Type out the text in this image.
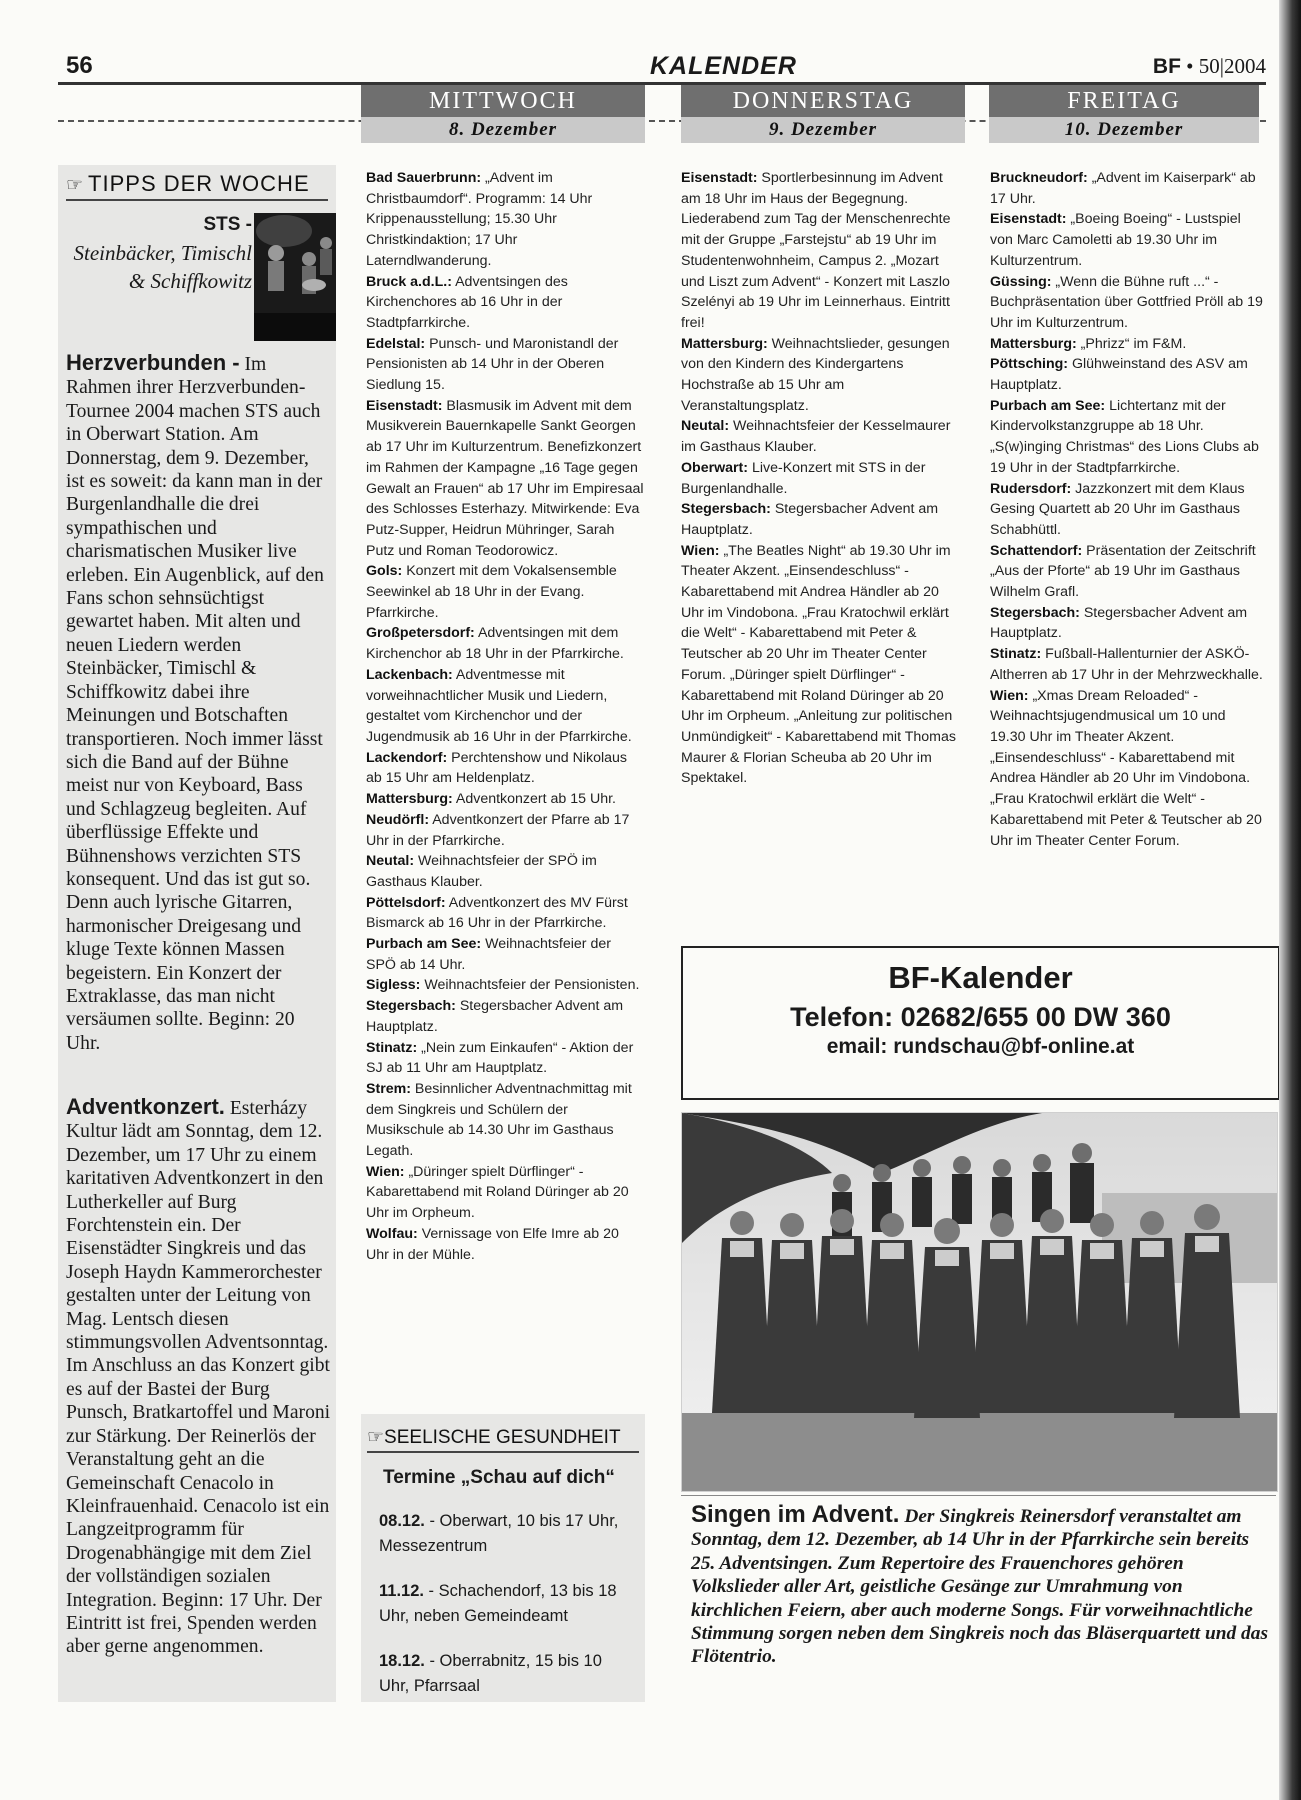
56	KALENDER	BF • 50|2004
MITTWOCH
8. Dezember
DONNERSTAG
9. Dezember
FREITAG
10. Dezember
☞ TIPPS DER WOCHE
STS -
Steinbäcker, Timischl & Schiffkowitz
Herzverbunden - Im Rahmen ihrer Herzverbunden-Tournee 2004 machen STS auch in Oberwart Station. Am Donnerstag, dem 9. Dezember, ist es soweit: da kann man in der Burgenlandhalle die drei sympathischen und charismatischen Musiker live erleben. Ein Augenblick, auf den Fans schon sehnsüchtigst gewartet haben. Mit alten und neuen Liedern werden Steinbäcker, Timischl & Schiffkowitz dabei ihre Meinungen und Botschaften transportieren. Noch immer lässt sich die Band auf der Bühne meist nur von Keyboard, Bass und Schlagzeug begleiten. Auf überflüssige Effekte und Bühnenshows verzichten STS konsequent. Und das ist gut so. Denn auch lyrische Gitarren, harmonischer Dreigesang und kluge Texte können Massen begeistern. Ein Konzert der Extraklasse, das man nicht versäumen sollte. Beginn: 20 Uhr.
Adventkonzert. Esterházy Kultur lädt am Sonntag, dem 12. Dezember, um 17 Uhr zu einem karitativen Adventkonzert in den Lutherkeller auf Burg Forchtenstein ein. Der Eisenstädter Singkreis und das Joseph Haydn Kammerorchester gestalten unter der Leitung von Mag. Lentsch diesen stimmungsvollen Adventsonntag. Im Anschluss an das Konzert gibt es auf der Bastei der Burg Punsch, Bratkartoffel und Maroni zur Stärkung. Der Reinerlös der Veranstaltung geht an die Gemeinschaft Cenacolo in Kleinfrauenhaid. Cenacolo ist ein Langzeitprogramm für Drogenabhängige mit dem Ziel der vollständigen sozialen Integration. Beginn: 17 Uhr. Der Eintritt ist frei, Spenden werden aber gerne angenommen.

Bad Sauerbrunn: „Advent im Christbaumdorf“. Programm: 14 Uhr Krippenausstellung; 15.30 Uhr Christkindaktion; 17 Uhr Laterndlwanderung.

Bruck a.d.L.: Adventsingen des Kirchenchores ab 16 Uhr in der Stadtpfarrkirche.

Edelstal: Punsch- und Maronistandl der Pensionisten ab 14 Uhr in der Oberen Siedlung 15.

Eisenstadt: Blasmusik im Advent mit dem Musikverein Bauernkapelle Sankt Georgen ab 17 Uhr im Kulturzentrum. Benefizkonzert im Rahmen der Kampagne „16 Tage gegen Gewalt an Frauen“ ab 17 Uhr im Empiresaal des Schlosses Esterhazy. Mitwirkende: Eva Putz-Supper, Heidrun Mühringer, Sarah Putz und Roman Teodorowicz.

Gols: Konzert mit dem Vokalsensemble Seewinkel ab 18 Uhr in der Evang. Pfarrkirche.

Großpetersdorf: Adventsingen mit dem Kirchenchor ab 18 Uhr in der Pfarrkirche.

Lackenbach: Adventmesse mit vorweihnachtlicher Musik und Liedern, gestaltet vom Kirchenchor und der Jugendmusik ab 16 Uhr in der Pfarrkirche.

Lackendorf: Perchtenshow und Nikolaus ab 15 Uhr am Heldenplatz.

Mattersburg: Adventkonzert ab 15 Uhr.

Neudörfl: Adventkonzert der Pfarre ab 17 Uhr in der Pfarrkirche.

Neutal: Weihnachtsfeier der SPÖ im Gasthaus Klauber.

Pöttelsdorf: Adventkonzert des MV Fürst Bismarck ab 16 Uhr in der Pfarrkirche.

Purbach am See: Weihnachtsfeier der SPÖ ab 14 Uhr.

Sigless: Weihnachtsfeier der Pensionisten.

Stegersbach: Stegersbacher Advent am Hauptplatz.

Stinatz: „Nein zum Einkaufen“ - Aktion der SJ ab 11 Uhr am Hauptplatz.

Strem: Besinnlicher Adventnachmittag mit dem Singkreis und Schülern der Musikschule ab 14.30 Uhr im Gasthaus Legath.

Wien: „Düringer spielt Dürflinger“ - Kabarettabend mit Roland Düringer ab 20 Uhr im Orpheum.

Wolfau: Vernissage von Elfe Imre ab 20 Uhr in der Mühle.

☞SEELISCHE GESUNDHEIT
Termine „Schau auf dich“
08.12. - Oberwart, 10 bis 17 Uhr, Messezentrum
11.12. - Schachendorf, 13 bis 18 Uhr, neben Gemeindeamt
18.12. - Oberrabnitz, 15 bis 10 Uhr, Pfarrsaal

Eisenstadt: Sportlerbesinnung im Advent am 18 Uhr im Haus der Begegnung. Liederabend zum Tag der Menschenrechte mit der Gruppe „Farstejstu“ ab 19 Uhr im Studentenwohnheim, Campus 2. „Mozart und Liszt zum Advent“ - Konzert mit Laszlo Szelényi ab 19 Uhr im Leinnerhaus. Eintritt frei!

Mattersburg: Weihnachtslieder, gesungen von den Kindern des Kindergartens Hochstraße ab 15 Uhr am Veranstaltungsplatz.

Neutal: Weihnachtsfeier der Kesselmaurer im Gasthaus Klauber.

Oberwart: Live-Konzert mit STS in der Burgenlandhalle.

Stegersbach: Stegersbacher Advent am Hauptplatz.

Wien: „The Beatles Night“ ab 19.30 Uhr im Theater Akzent. „Einsendeschluss“ - Kabarettabend mit Andrea Händler ab 20 Uhr im Vindobona. „Frau Kratochwil erklärt die Welt“ - Kabarettabend mit Peter & Teutscher ab 20 Uhr im Theater Center Forum. „Düringer spielt Dürflinger“ - Kabarettabend mit Roland Düringer ab 20 Uhr im Orpheum. „Anleitung zur politischen Unmündigkeit“ - Kabarettabend mit Thomas Maurer & Florian Scheuba ab 20 Uhr im Spektakel.

Bruckneudorf: „Advent im Kaiserpark“ ab 17 Uhr.

Eisenstadt: „Boeing Boeing“ - Lustspiel von Marc Camoletti ab 19.30 Uhr im Kulturzentrum.

Güssing: „Wenn die Bühne ruft ...“ - Buchpräsentation über Gottfried Pröll ab 19 Uhr im Kulturzentrum.

Mattersburg: „Phrizz“ im F&M.

Pöttsching: Glühweinstand des ASV am Hauptplatz.

Purbach am See: Lichtertanz mit der Kindervolkstanzgruppe ab 18 Uhr. „S(w)inging Christmas“ des Lions Clubs ab 19 Uhr in der Stadtpfarrkirche.

Rudersdorf: Jazzkonzert mit dem Klaus Gesing Quartett ab 20 Uhr im Gasthaus Schabhüttl.

Schattendorf: Präsentation der Zeitschrift „Aus der Pforte“ ab 19 Uhr im Gasthaus Wilhelm Grafl.

Stegersbach: Stegersbacher Advent am Hauptplatz.

Stinatz: Fußball-Hallenturnier der ASKÖ-Altherren ab 17 Uhr in der Mehrzweckhalle.

Wien: „Xmas Dream Reloaded“ - Weihnachtsjugendmusical um 10 und 19.30 Uhr im Theater Akzent. „Einsendeschluss“ - Kabarettabend mit Andrea Händler ab 20 Uhr im Vindobona. „Frau Kratochwil erklärt die Welt“ - Kabarettabend mit Peter & Teutscher ab 20 Uhr im Theater Center Forum.

BF-Kalender
Telefon: 02682/655 00 DW 360
email: rundschau@bf-online.at
Singen im Advent. Der Singkreis Reinersdorf veranstaltet am Sonntag, dem 12. Dezember, ab 14 Uhr in der Pfarrkirche sein bereits 25. Adventsingen. Zum Repertoire des Frauenchores gehören Volkslieder aller Art, geistliche Gesänge zur Umrahmung von kirchlichen Feiern, aber auch moderne Songs. Für vorweihnachtliche Stimmung sorgen neben dem Singkreis noch das Bläserquartett und das Flötentrio.
